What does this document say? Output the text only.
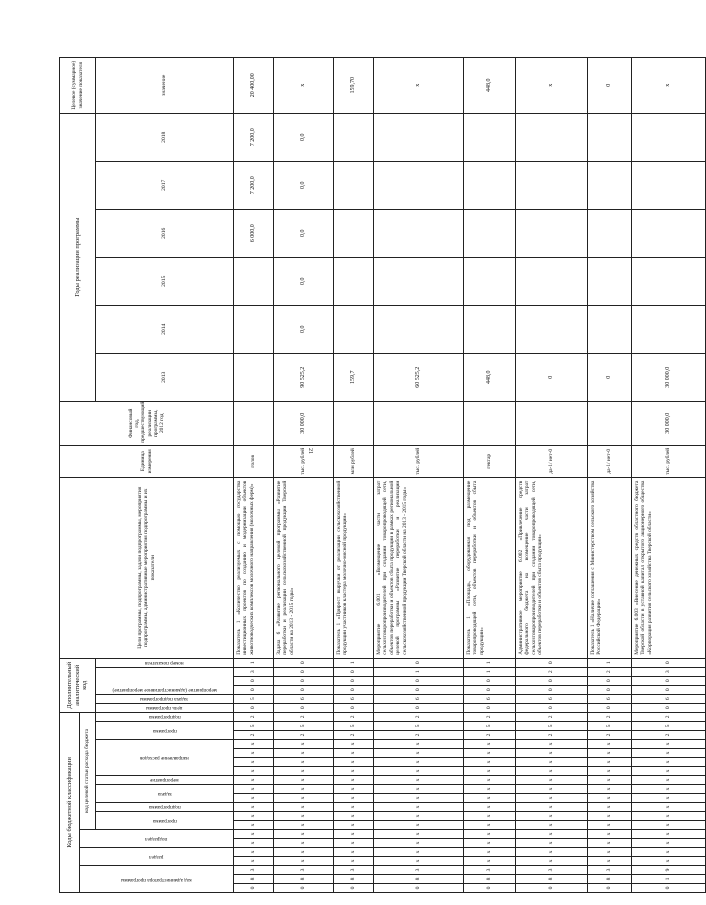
21
Коды бюджетной классификации																				Дополнительный аналитический код						Цели программы, подпрограммы, задачи подпрограммы, мероприятия подпрограммы, административные мероприятия подпрограммы и их показатели	Единица измерения	Финансовый год, предшествующий реализации программы, 2012 год	Годы реализации программы						Целевое (суммарное) значение показателя

код администратора программы			раздел		подраздел		код целевой статьи расхода бюджета																												

							программа		подпрограмма	задача		мероприятие	направление расходов				программа		подпрограмма	цель программы	задача подпрограммы	мероприятие (административное мероприятие)			номер показателя				2013	2014	2015	2016	2017	2018	значение
0	8	3	x	x	x	x	x	x	x	x	x	x	x	x	x	x	2	5	2	0	5	0	0	3	1	Показатель 1 «Количество реализуемых с помощью государства инвестиционных проектов по созданию и модернизации объектов животноводческих комплексов молочного направления (молочных ферм)»	голов					6 000,0	7 200,0	7 200,0	20 400,00
0	8	3	x	x	x	x	x	x	x	x	x	x	x	x	x	x	2	5	2	0	6	0	0	0	0	Задача 6 «Развитие регионального целевой программы «Развитие переработки и реализации сельскохозяйственной продукции Тверской области на 2013 - 2015 годы»	тыс. рублей	30 000,0	90 525,2	0,0	0,0	0,0	0,0	0,0	x
0	8	3	x	x	x	x	x	x	x	x	x	x	x	x	x	x	2	5	2	0	6	0	0	0	1	Показатель 1 «Прирост выручки от реализации сельскохозяйственной продукции участников кластера молочно-мясной продукции»	млн рублей		159,7						159,70
0	8	3	x	x	x	x	x	x	x	x	x	x	x	x	x	x	2	5	2	0	6	0	0	1	0	Мероприятие 6.001 «Возмещение части затрат сельхозтоваропроизводителей при создании товаропроводящей сети, объектов переработки и объектов сбыта продукции в рамках региональной целевой программы «Развитие переработки и реализации сельскохозяйственной продукции Тверской области на 2013 - 2015 годы»	тыс. рублей		60 525,2						x
0	8	3	x	x	x	x	x	x	x	x	x	x	x	x	x	x	2	5	2	0	6	0	0	1	1	Показатель 1 «Площадь, оборудованная под размещение товаропроводящей сети, объектов переработки и объектов сбыта продукции»	гектар		448,0						448,0
0	8	3	x	x	x	x	x	x	x	x	x	x	x	x	x	x	2	5	2	0	6	0	0	2	0	Административное мероприятие 6.002 «Привлечение средств федерального бюджета на возмещение части затрат сельхозтоваропроизводителей при создании товаропроводящей сети, объектов переработки и объектов сбыта продукции»	да-1/ нет-0		0						x
0	8	3	x	x	x	x	x	x	x	x	x	x	x	x	x	x	2	5	2	0	6	0	0	2	1	Показатель 1 «Наличие соглашения с Министерством сельского хозяйства Российской Федерации»	да-1/ нет-0		0						0
0	1	9	x	x	x	x	x	x	x	x	x	x	x	x	x	x	2	5	2	0	6	0	0	3	0	Мероприятие 6.003 «Внесение денежных средств областного бюджета Тверской области в уставной капитал открытого акционерного общества «Корпорация развития сельского хозяйства Тверской области»	тыс. рублей	30 000,0	30 000,0						x
